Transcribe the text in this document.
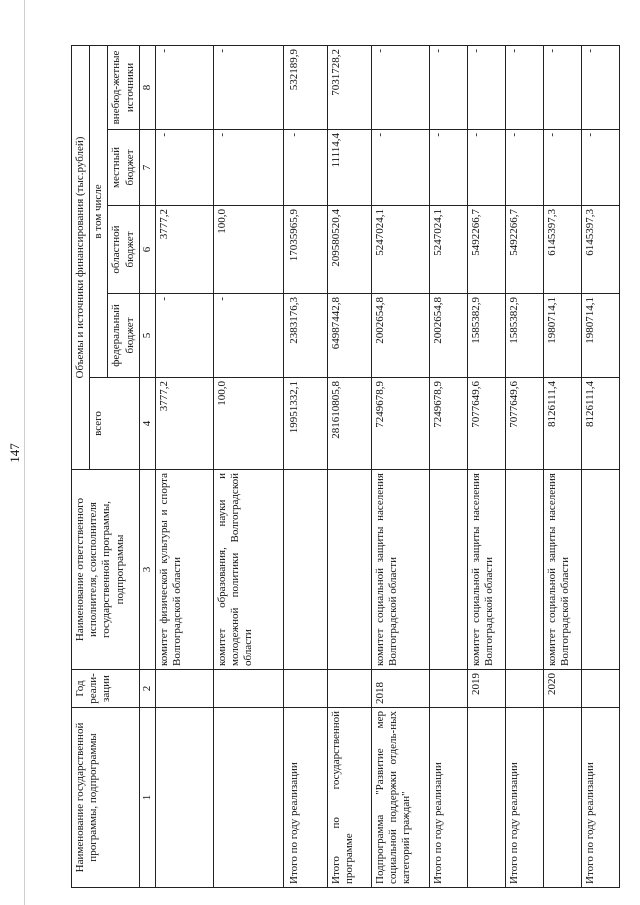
147
Наименование государственной программы, подпрограммы	Год реали-зации	Наименование ответственного исполнителя, соисполнителя государственной программы, подпрограммы	Объемы и источники финансирования (тыс.рублей)				
			всего	в том числе			
				федеральный бюджет	областной бюджет	местный бюджет	внебюд-жетные источники
1	2	3	4	5	6	7	8
		комитет физической культуры и спорта Волгоградской области	3777,2	-	3777,2	-	-
		комитет образования, науки и молодежной политики Волгоградской области	100,0	-	100,0	-	-
Итого по году реализации			19951332,1	2383176,3	17035965,9	-	532189,9
Итого по государственной программе			281610805,8	64987442,8	209580520,4	11114,4	7031728,2
Подпрограмма "Развитие мер социальной поддержки отдель-ных категорий граждан"	2018	комитет социальной защиты населения Волгоградской области	7249678,9	2002654,8	5247024,1	-	-
Итого по году реализации			7249678,9	2002654,8	5247024,1	-	-
	2019	комитет социальной защиты населения Волгоградской области	7077649,6	1585382,9	5492266,7	-	-
Итого по году реализации			7077649,6	1585382,9	5492266,7	-	-
	2020	комитет социальной защиты населения Волгоградской области	8126111,4	1980714,1	6145397,3	-	-
Итого по году реализации			8126111,4	1980714,1	6145397,3	-	-
